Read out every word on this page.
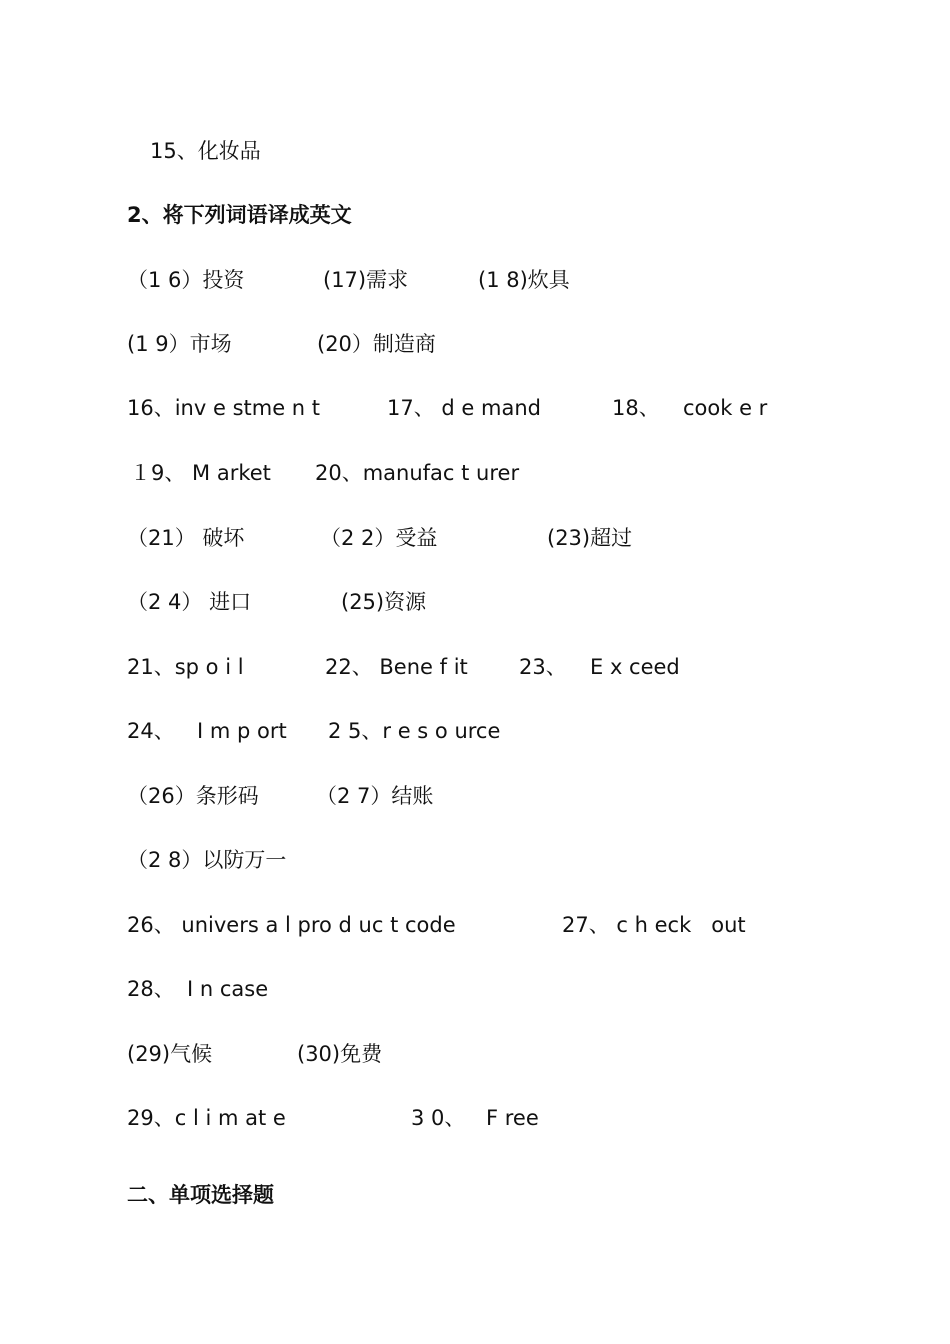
15、化妆品

2、将下列词语译成英文

（1 6）投资	(17)需求	(1 8)炊具

(1 9）市场	(20）制造商

16、inv e stme n t	17、 d e mand	18、 cook e r

１9、 M arket 20、manufac t urer

（21） 破坏	（2 2）受益	(23)超过

（2 4） 进口	(25)资源

21、sp o i l	22、 Bene f it 23、 E x ceed

24、 I m p ort 2 5、r e s o urce

（26）条形码	（2 7）结账

（2 8）以防万一

26、 univers a l pro d uc t code	27、 c h eck   out

28、 I n case

(29)气候	(30)免费

29、c l i m at e	3 0、 F ree

二、单项选择题
